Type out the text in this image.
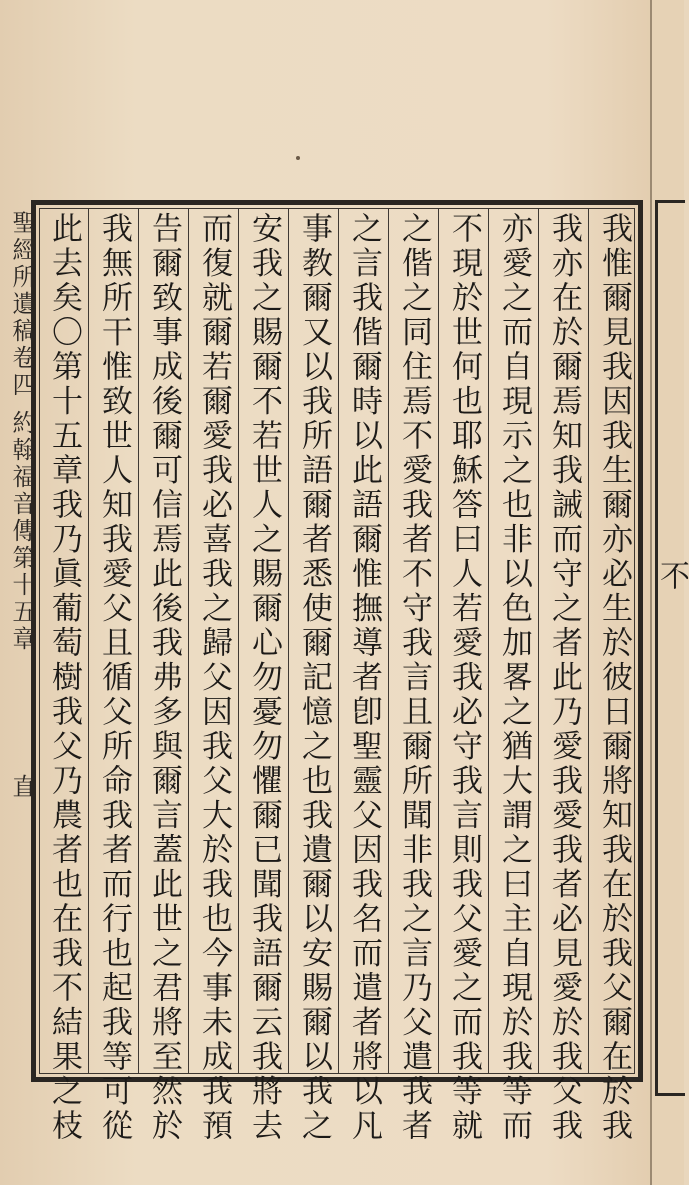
不
聖經所遺稿卷四 約翰福音傳第十五章  直	我惟爾見我因我生爾亦必生於彼日爾將知我在於我父爾在於我
我亦在於爾焉知我誡而守之者此乃愛我愛我者必見愛於我父我
亦愛之而自現示之也非以色加畧之猶大謂之曰主自現於我等而
不現於世何也耶穌答曰人若愛我必守我言則我父愛之而我等就
之偕之同住焉不愛我者不守我言且爾所聞非我之言乃父遣我者
之言我偕爾時以此語爾惟撫導者卽聖靈父因我名而遣者將以凡
事教爾又以我所語爾者悉使爾記憶之也我遺爾以安賜爾以我之
安我之賜爾不若世人之賜爾心勿憂勿懼爾已聞我語爾云我將去
而復就爾若爾愛我必喜我之歸父因我父大於我也今事未成我預
告爾致事成後爾可信焉此後我弗多與爾言蓋此世之君將至然於
我無所干惟致世人知我愛父且循父所命我者而行也起我等可從
此去矣〇第十五章我乃眞葡萄樹我父乃農者也在我不結果之枝
